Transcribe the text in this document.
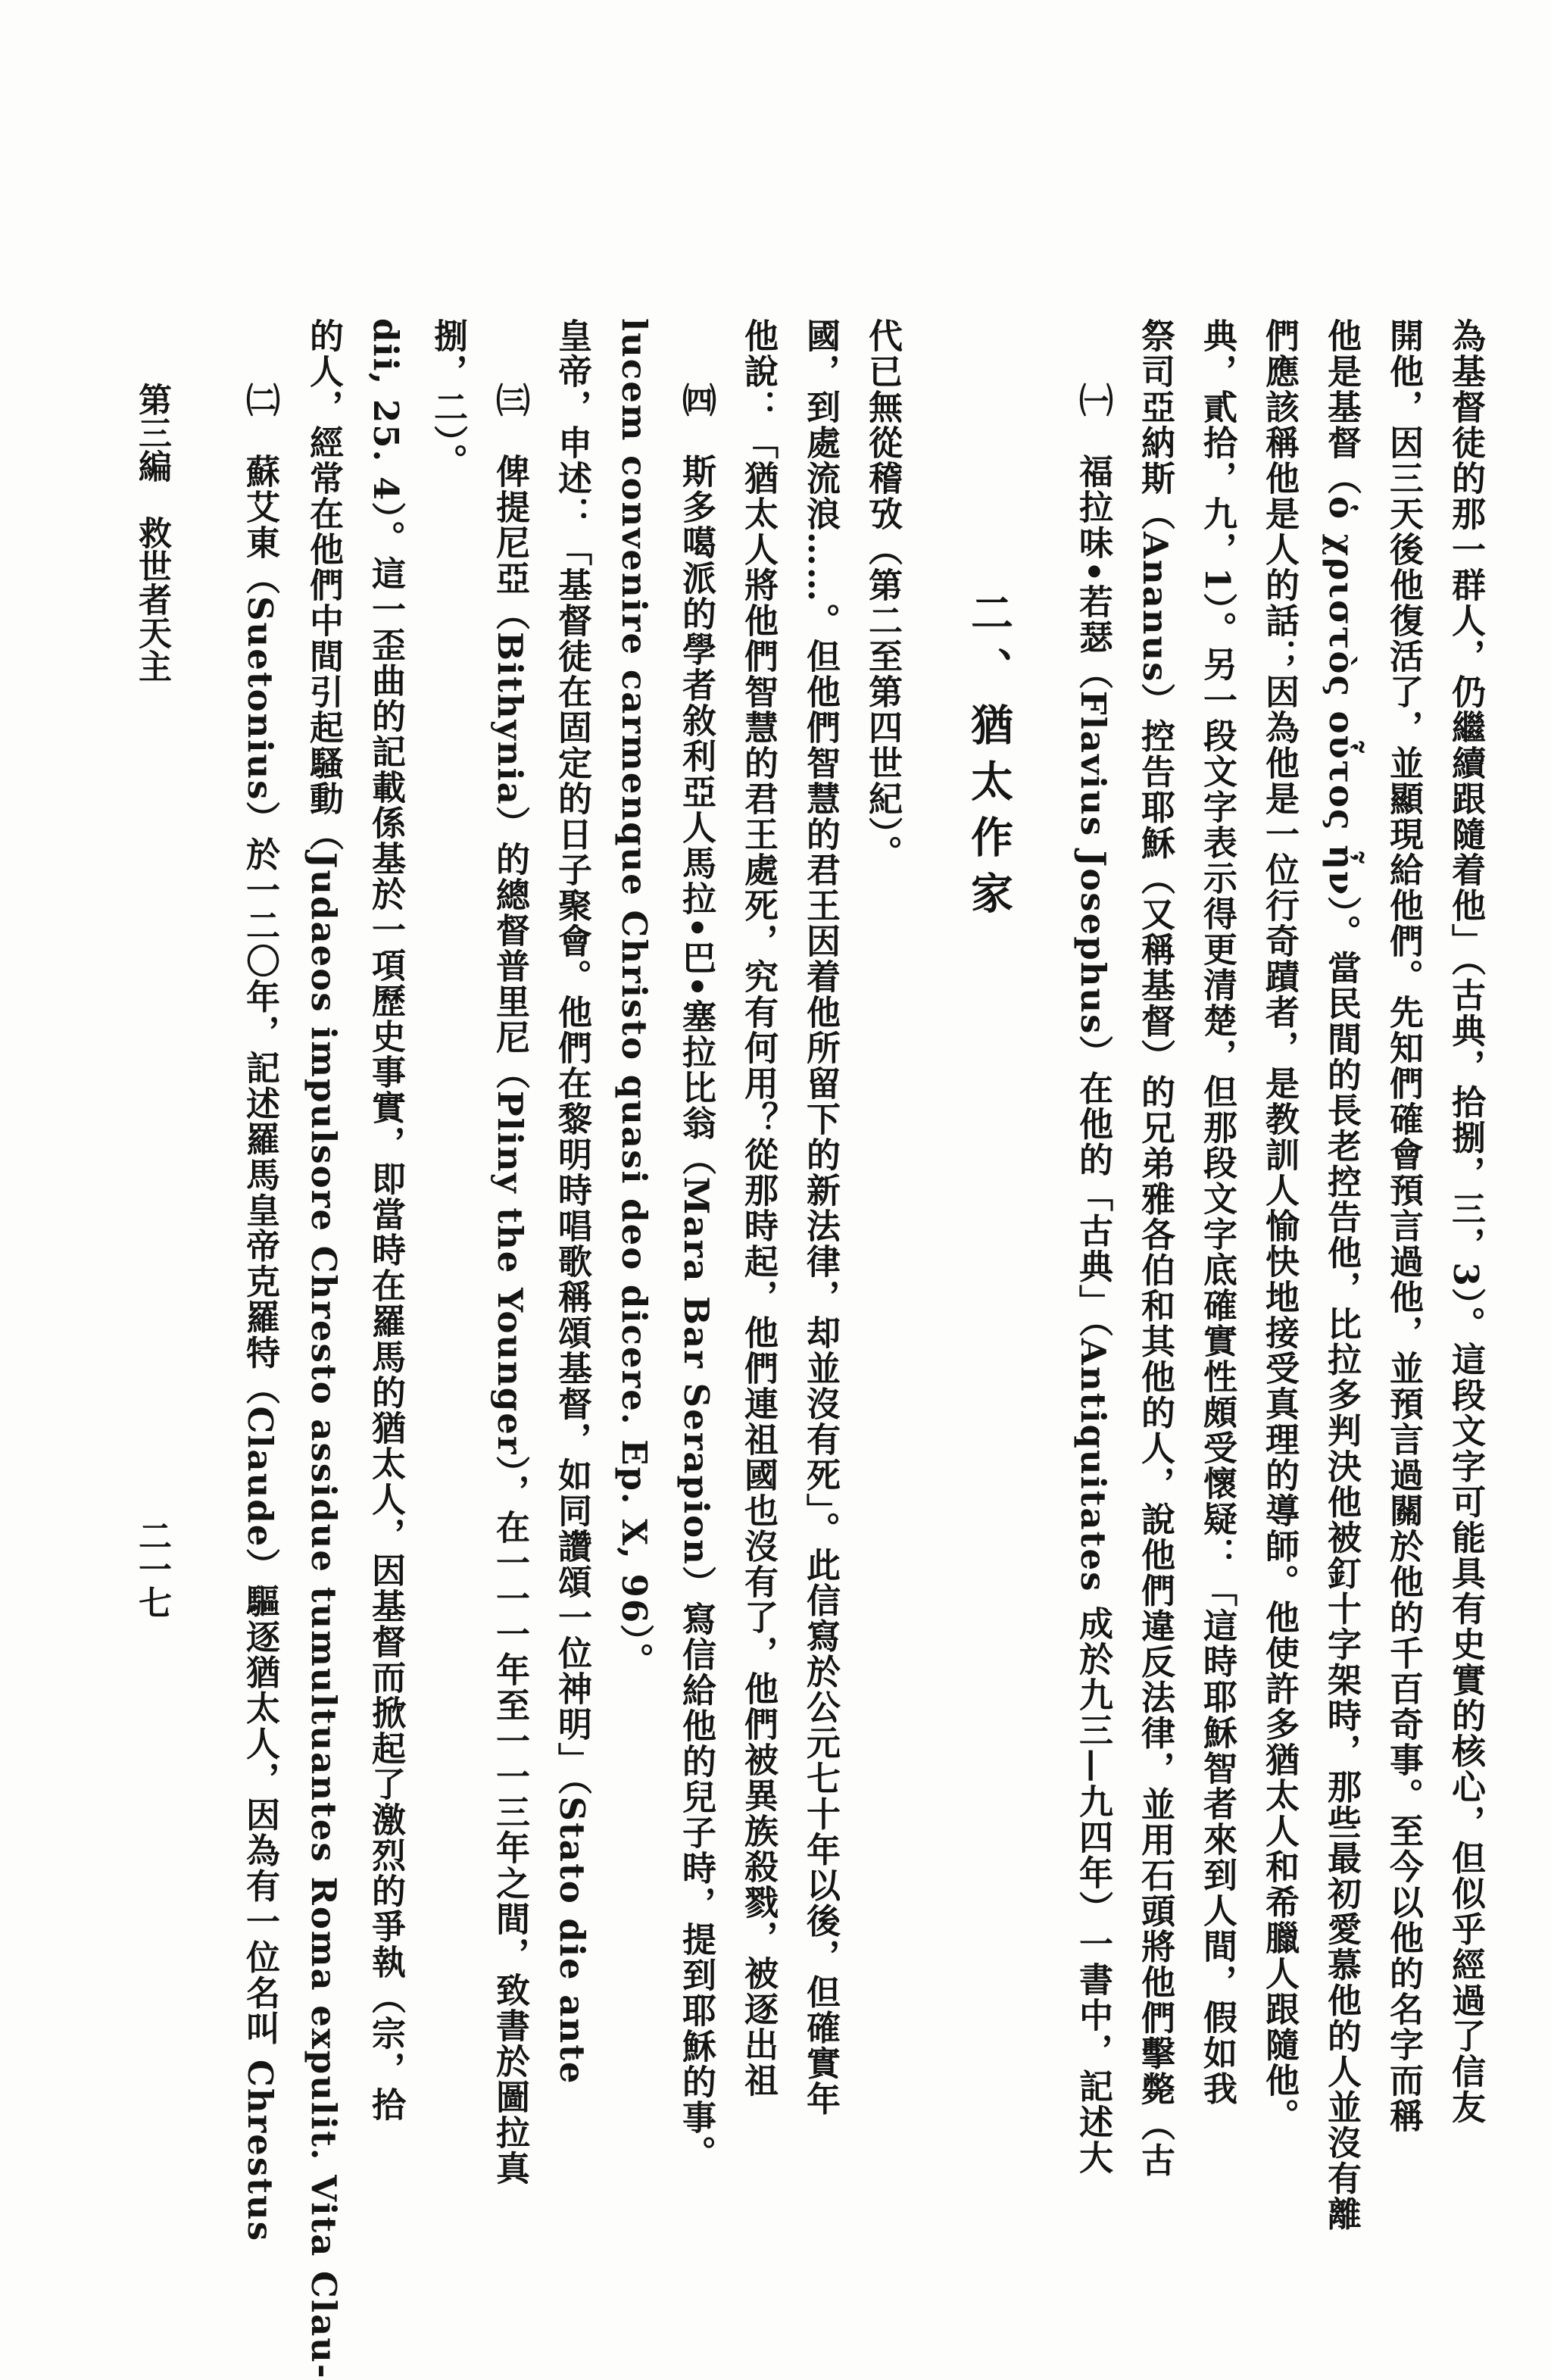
第三編　救世者天主
二一七 ㈡　蘇艾東（Suetonius）於一二〇年，記述羅馬皇帝克羅特（Claude）驅逐猶太人，因為有一位名叫 Chrestus 的人，經常在他們中間引起騷動（Judaeos impulsore Chresto assidue tumultuantes Roma expulit. Vita Clau- dii, 25. 4）。這一歪曲的記載係基於一項歷史事實，即當時在羅馬的猶太人，因基督而掀起了激烈的爭執（宗，拾 捌，二）。 ㈢　俾提尼亞（Bithynia）的總督普里尼（Pliny the Younger），在一一一年至一一三年之間，致書於圖拉真 皇帝，申述：「基督徒在固定的日子聚會。他們在黎明時唱歌稱頌基督，如同讚頌一位神明」（Stato die ante lucem convenire carmenque Christo quasi deo dicere. Ep. X, 96）。 ㈣　斯多噶派的學者敘利亞人馬拉•巴•塞拉比翁（Mara Bar Serapion）寫信給他的兒子時，提到耶穌的事。 他說：「猶太人將他們智慧的君王處死，究有何用？從那時起，他們連祖國也沒有了，他們被異族殺戮，被逐出祖 國，到處流浪……。但他們智慧的君王因着他所留下的新法律，却並沒有死」。此信寫於公元七十年以後，但確實年 代已無從稽攷（第二至第四世紀）。 二、猶太作家 ㈠　福拉味•若瑟（Flavius Josephus）在他的「古典」（Antiquitates 成於九三—九四年）一書中，記述大 祭司亞納斯（Ananus）控告耶穌（又稱基督）的兄弟雅各伯和其他的人，說他們違反法律，並用石頭將他們擊斃（古 典，貳拾，九，1）。另一段文字表示得更清楚，但那段文字底確實性頗受懷疑：「這時耶穌智者來到人間，假如我 們應該稱他是人的話；因為他是一位行奇蹟者，是教訓人愉快地接受真理的導師。他使許多猶太人和希臘人跟隨他。 他是基督（ὁ χριστὸς οὗτος ἦν）。當民間的長老控告他，比拉多判決他被釘十字架時，那些最初愛慕他的人並沒有離 開他，因三天後他復活了，並顯現給他們。先知們確會預言過他，並預言過關於他的千百奇事。至今以他的名字而稱 為基督徒的那一群人，仍繼續跟隨着他」（古典，拾捌，三，3）。這段文字可能具有史實的核心，但似乎經過了信友
